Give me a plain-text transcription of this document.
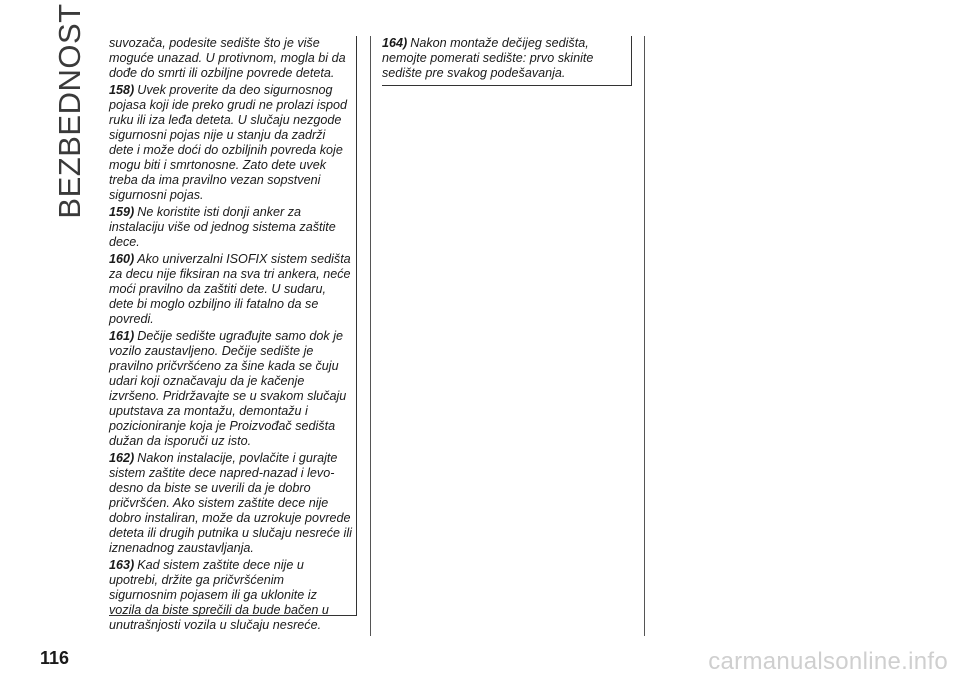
BEZBEDNOST suvozača, podesite sedište što je više moguće unazad. U protivnom, mogla bi da dođe do smrti ili ozbiljne povrede deteta.

158) Uvek proverite da deo sigurnosnog pojasa koji ide preko grudi ne prolazi ispod ruku ili iza leđa deteta. U slučaju nezgode sigurnosni pojas nije u stanju da zadrži dete i može doći do ozbiljnih povreda koje mogu biti i smrtonosne. Zato dete uvek treba da ima pravilno vezan sopstveni sigurnosni pojas.

159) Ne koristite isti donji anker za instalaciju više od jednog sistema zaštite dece.

160) Ako univerzalni ISOFIX sistem sedišta za decu nije fiksiran na sva tri ankera, neće moći pravilno da zaštiti dete. U sudaru, dete bi moglo ozbiljno ili fatalno da se povredi.

161) Dečije sedište ugrađujte samo dok je vozilo zaustavljeno. Dečije sedište je pravilno pričvršćeno za šine kada se čuju udari koji označavaju da je kačenje izvršeno. Pridržavajte se u svakom slučaju uputstava za montažu, demontažu i pozicioniranje koja je Proizvođač sedišta dužan da isporuči uz isto.

162) Nakon instalacije, povlačite i gurajte sistem zaštite dece napred-nazad i levo-desno da biste se uverili da je dobro pričvršćen. Ako sistem zaštite dece nije dobro instaliran, može da uzrokuje povrede deteta ili drugih putnika u slučaju nesreće ili iznenadnog zaustavljanja.

163) Kad sistem zaštite dece nije u upotrebi, držite ga pričvršćenim sigurnosnim pojasem ili ga uklonite iz vozila da biste sprečili da bude bačen u unutrašnjosti vozila u slučaju nesreće.

164) Nakon montaže dečijeg sedišta, nemojte pomerati sedište: prvo skinite sedište pre svakog podešavanja.

116	carmanualsonline.info
